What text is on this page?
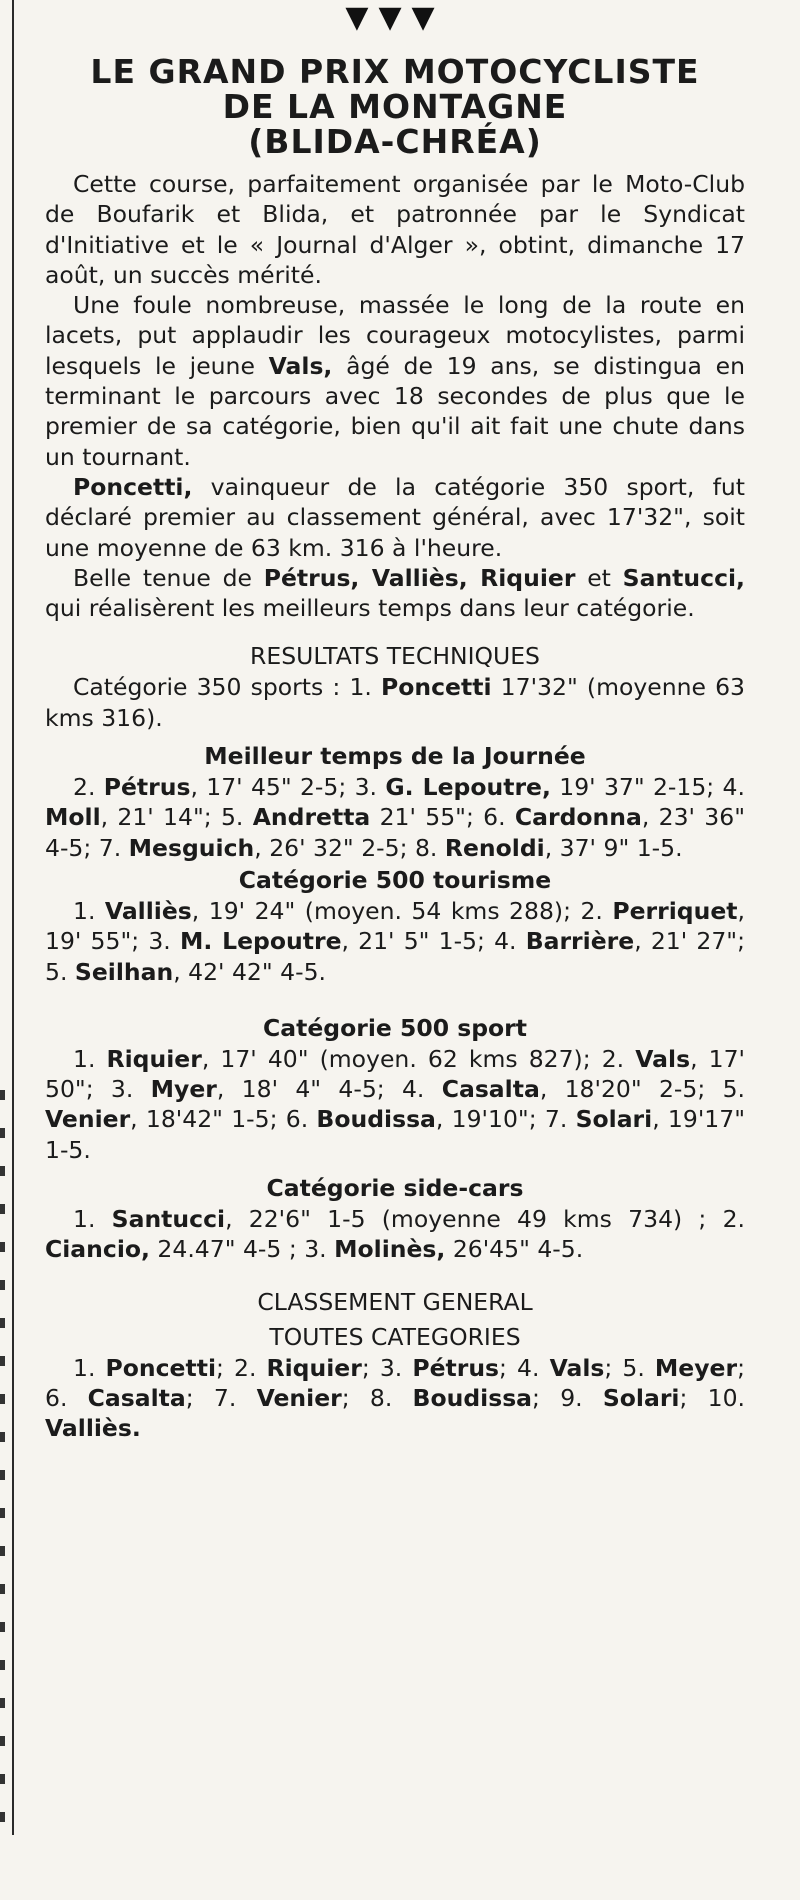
▼▼▼
LE GRAND PRIX MOTOCYCLISTE
DE LA MONTAGNE
(BLIDA-CHRÉA)

Cette course, parfaitement organisée par le Moto-Club de Boufarik et Blida, et patronnée par le Syndicat d'Initiative et le « Journal d'Alger », obtint, dimanche 17 août, un succès mérité.

Une foule nombreuse, massée le long de la route en lacets, put applaudir les courageux motocylistes, parmi lesquels le jeune Vals, âgé de 19 ans, se distingua en terminant le parcours avec 18 secondes de plus que le premier de sa catégorie, bien qu'il ait fait une chute dans un tournant.

Poncetti, vainqueur de la catégorie 350 sport, fut déclaré premier au classement général, avec 17'32", soit une moyenne de 63 km. 316 à l'heure.

Belle tenue de Pétrus, Valliès, Riquier et Santucci, qui réalisèrent les meilleurs temps dans leur catégorie.

RESULTATS TECHNIQUES

Catégorie 350 sports : 1. Poncetti 17'32" (moyenne 63 kms 316).

Meilleur temps de la Journée

2. Pétrus, 17' 45" 2-5; 3. G. Lepoutre, 19' 37" 2-15; 4. Moll, 21' 14"; 5. Andretta 21' 55"; 6. Cardonna, 23' 36" 4-5; 7. Mesguich, 26' 32" 2-5; 8. Renoldi, 37' 9" 1-5.

Catégorie 500 tourisme

1. Valliès, 19' 24" (moyen. 54 kms 288); 2. Perriquet, 19' 55"; 3. M. Lepoutre, 21' 5" 1-5; 4. Barrière, 21' 27"; 5. Seilhan, 42' 42" 4-5.

Catégorie 500 sport

1. Riquier, 17' 40" (moyen. 62 kms 827); 2. Vals, 17' 50"; 3. Myer, 18' 4" 4-5; 4. Casalta, 18'20" 2-5; 5. Venier, 18'42" 1-5; 6. Boudissa, 19'10"; 7. Solari, 19'17" 1-5.

Catégorie side-cars

1. Santucci, 22'6" 1-5 (moyenne 49 kms 734) ; 2. Ciancio, 24.47" 4-5 ; 3. Molinès, 26'45" 4-5.

CLASSEMENT GENERAL
TOUTES CATEGORIES

1. Poncetti; 2. Riquier; 3. Pétrus; 4. Vals; 5. Meyer; 6. Casalta; 7. Venier; 8. Boudissa; 9. Solari; 10. Valliès.
